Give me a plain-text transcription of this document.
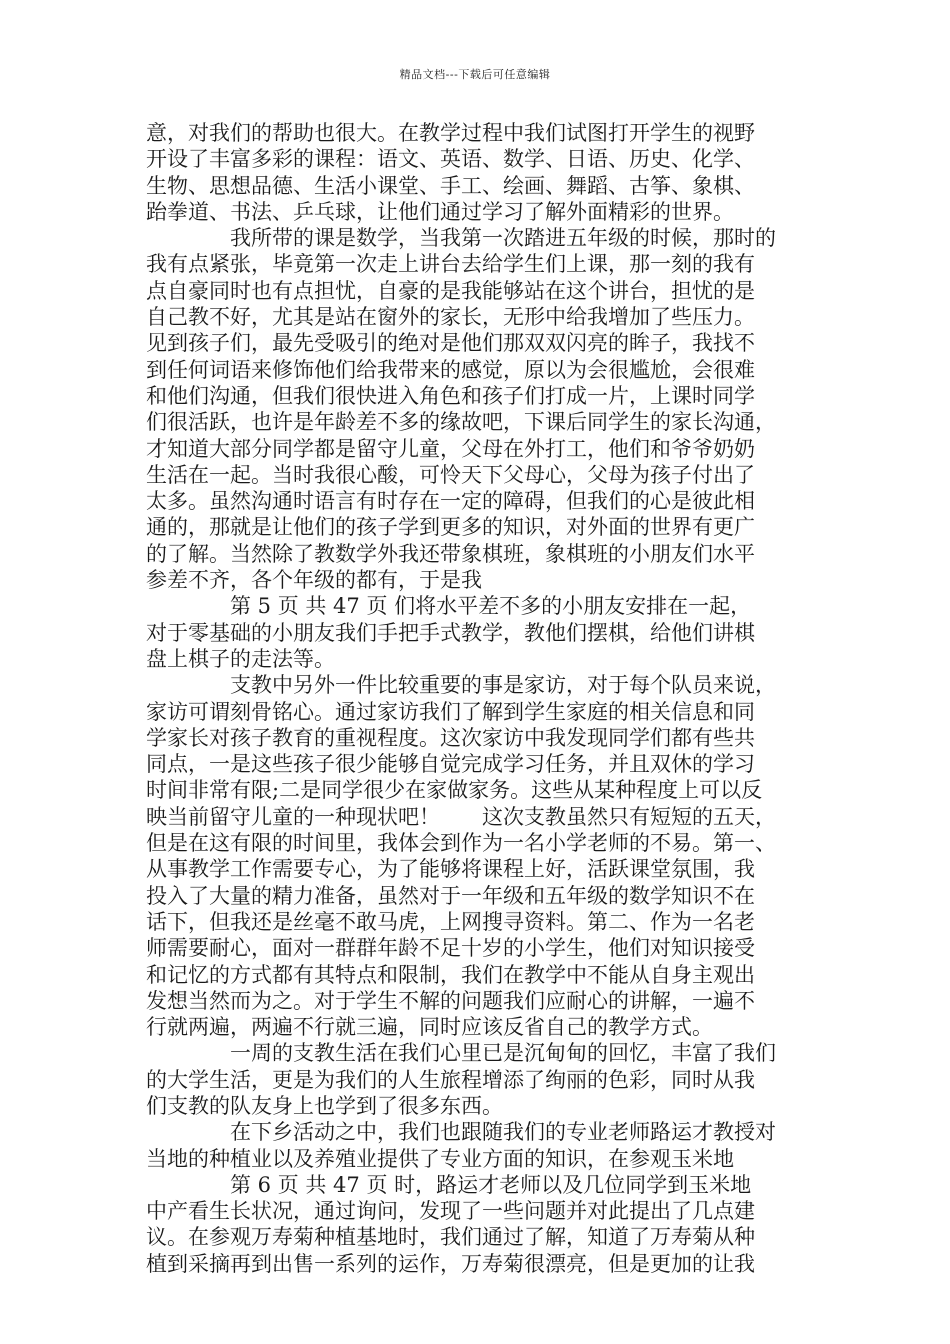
精品文档---下载后可任意编辑
意，对我们的帮助也很大。在教学过程中我们试图打开学生的视野
开设了丰富多彩的课程：语文、英语、数学、日语、历史、化学、
生物、思想品德、生活小课堂、手工、绘画、舞蹈、古筝、象棋、
跆拳道、书法、乒乓球，让他们通过学习了解外面精彩的世界。
我所带的课是数学，当我第一次踏进五年级的时候，那时的
我有点紧张，毕竟第一次走上讲台去给学生们上课，那一刻的我有
点自豪同时也有点担忧，自豪的是我能够站在这个讲台，担忧的是
自己教不好，尤其是站在窗外的家长，无形中给我增加了些压力。
见到孩子们，最先受吸引的绝对是他们那双双闪亮的眸子，我找不
到任何词语来修饰他们给我带来的感觉，原以为会很尴尬，会很难
和他们沟通，但我们很快进入角色和孩子们打成一片，上课时同学
们很活跃，也许是年龄差不多的缘故吧，下课后同学生的家长沟通，
才知道大部分同学都是留守儿童，父母在外打工，他们和爷爷奶奶
生活在一起。当时我很心酸，可怜天下父母心，父母为孩子付出了
太多。虽然沟通时语言有时存在一定的障碍，但我们的心是彼此相
通的，那就是让他们的孩子学到更多的知识，对外面的世界有更广
的了解。当然除了教数学外我还带象棋班，象棋班的小朋友们水平
参差不齐，各个年级的都有，于是我
第 5 页 共 47 页 们将水平差不多的小朋友安排在一起，
对于零基础的小朋友我们手把手式教学，教他们摆棋，给他们讲棋
盘上棋子的走法等。
支教中另外一件比较重要的事是家访，对于每个队员来说，
家访可谓刻骨铭心。通过家访我们了解到学生家庭的相关信息和同
学家长对孩子教育的重视程度。这次家访中我发现同学们都有些共
同点，一是这些孩子很少能够自觉完成学习任务，并且双休的学习
时间非常有限;二是同学很少在家做家务。这些从某种程度上可以反
映当前留守儿童的一种现状吧！　　这次支教虽然只有短短的五天，
但是在这有限的时间里，我体会到作为一名小学老师的不易。第一、
从事教学工作需要专心，为了能够将课程上好，活跃课堂氛围，我
投入了大量的精力准备，虽然对于一年级和五年级的数学知识不在
话下，但我还是丝毫不敢马虎，上网搜寻资料。第二、作为一名老
师需要耐心，面对一群群年龄不足十岁的小学生，他们对知识接受
和记忆的方式都有其特点和限制，我们在教学中不能从自身主观出
发想当然而为之。对于学生不解的问题我们应耐心的讲解，一遍不
行就两遍，两遍不行就三遍，同时应该反省自己的教学方式。
一周的支教生活在我们心里已是沉甸甸的回忆，丰富了我们
的大学生活，更是为我们的人生旅程增添了绚丽的色彩，同时从我
们支教的队友身上也学到了很多东西。
在下乡活动之中，我们也跟随我们的专业老师路运才教授对
当地的种植业以及养殖业提供了专业方面的知识，在参观玉米地
第 6 页 共 47 页 时，路运才老师以及几位同学到玉米地
中产看生长状况，通过询问，发现了一些问题并对此提出了几点建
议。在参观万寿菊种植基地时，我们通过了解，知道了万寿菊从种
植到采摘再到出售一系列的运作，万寿菊很漂亮，但是更加的让我
